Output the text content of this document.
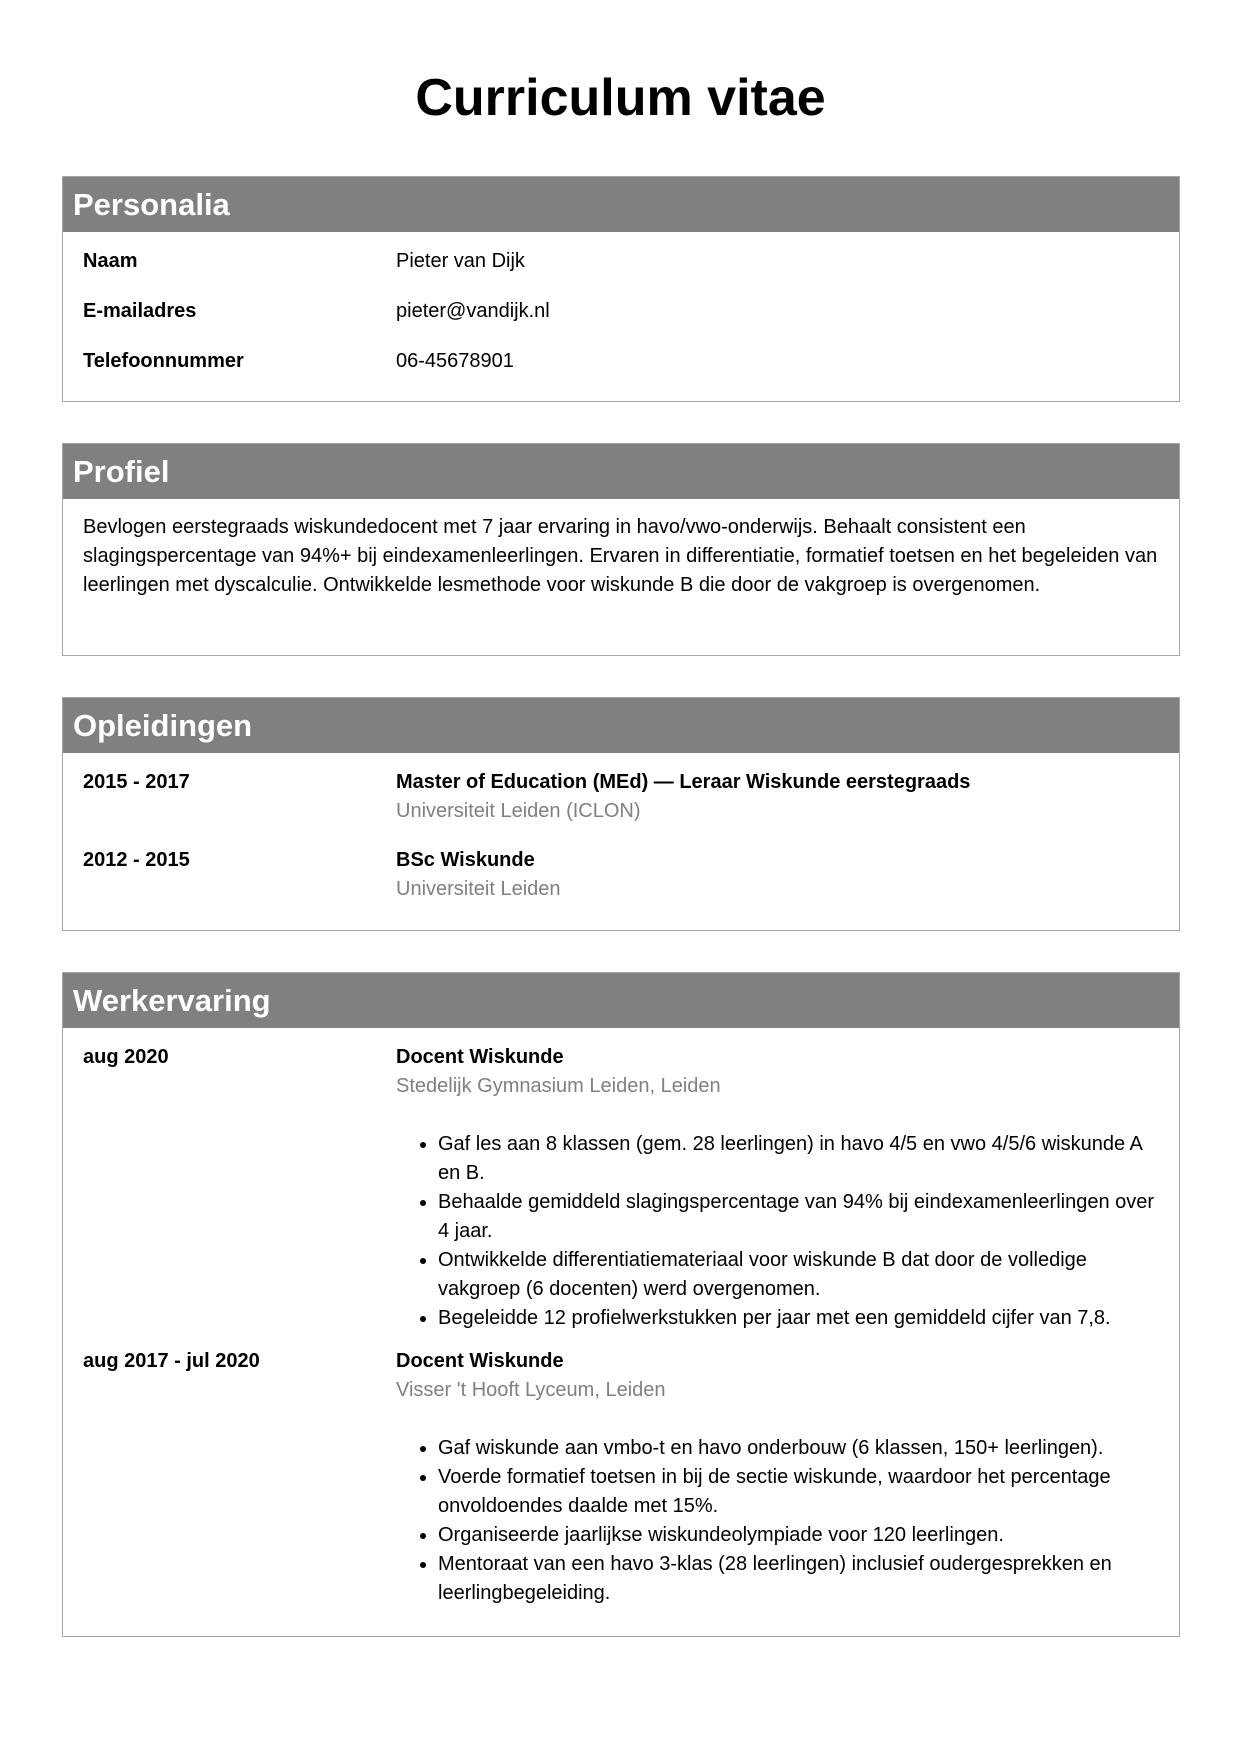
Curriculum vitae
Personalia
Naam	Pieter van Dijk
E-mailadres	pieter@vandijk.nl
Telefoonnummer	06-45678901
Profiel

Bevlogen eerstegraads wiskundedocent met 7 jaar ervaring in havo/vwo-onderwijs. Behaalt consistent een slagingspercentage van 94%+ bij eindexamenleerlingen. Ervaren in differentiatie, formatief toetsen en het begeleiden van leerlingen met dyscalculie. Ontwikkelde lesmethode voor wiskunde B die door de vakgroep is overgenomen.

Opleidingen
2015 - 2017	Master of Education (MEd) — Leraar Wiskunde eerstegraads
Universiteit Leiden (ICLON)
2012 - 2015	BSc Wiskunde
Universiteit Leiden
Werkervaring
aug 2020	Docent Wiskunde
Stedelijk Gymnasium Leiden, Leiden
• Gaf les aan 8 klassen (gem. 28 leerlingen) in havo 4/5 en vwo 4/5/6 wiskunde A en B.
• Behaalde gemiddeld slagingspercentage van 94% bij eindexamenleerlingen over 4 jaar.
• Ontwikkelde differentiatiemateriaal voor wiskunde B dat door de volledige vakgroep (6 docenten) werd overgenomen.
• Begeleidde 12 profielwerkstukken per jaar met een gemiddeld cijfer van 7,8.
aug 2017 - jul 2020	Docent Wiskunde
Visser 't Hooft Lyceum, Leiden
• Gaf wiskunde aan vmbo-t en havo onderbouw (6 klassen, 150+ leerlingen).
• Voerde formatief toetsen in bij de sectie wiskunde, waardoor het percentage onvoldoendes daalde met 15%.
• Organiseerde jaarlijkse wiskundeolympiade voor 120 leerlingen.
• Mentoraat van een havo 3-klas (28 leerlingen) inclusief oudergesprekken en leerlingbegeleiding.
